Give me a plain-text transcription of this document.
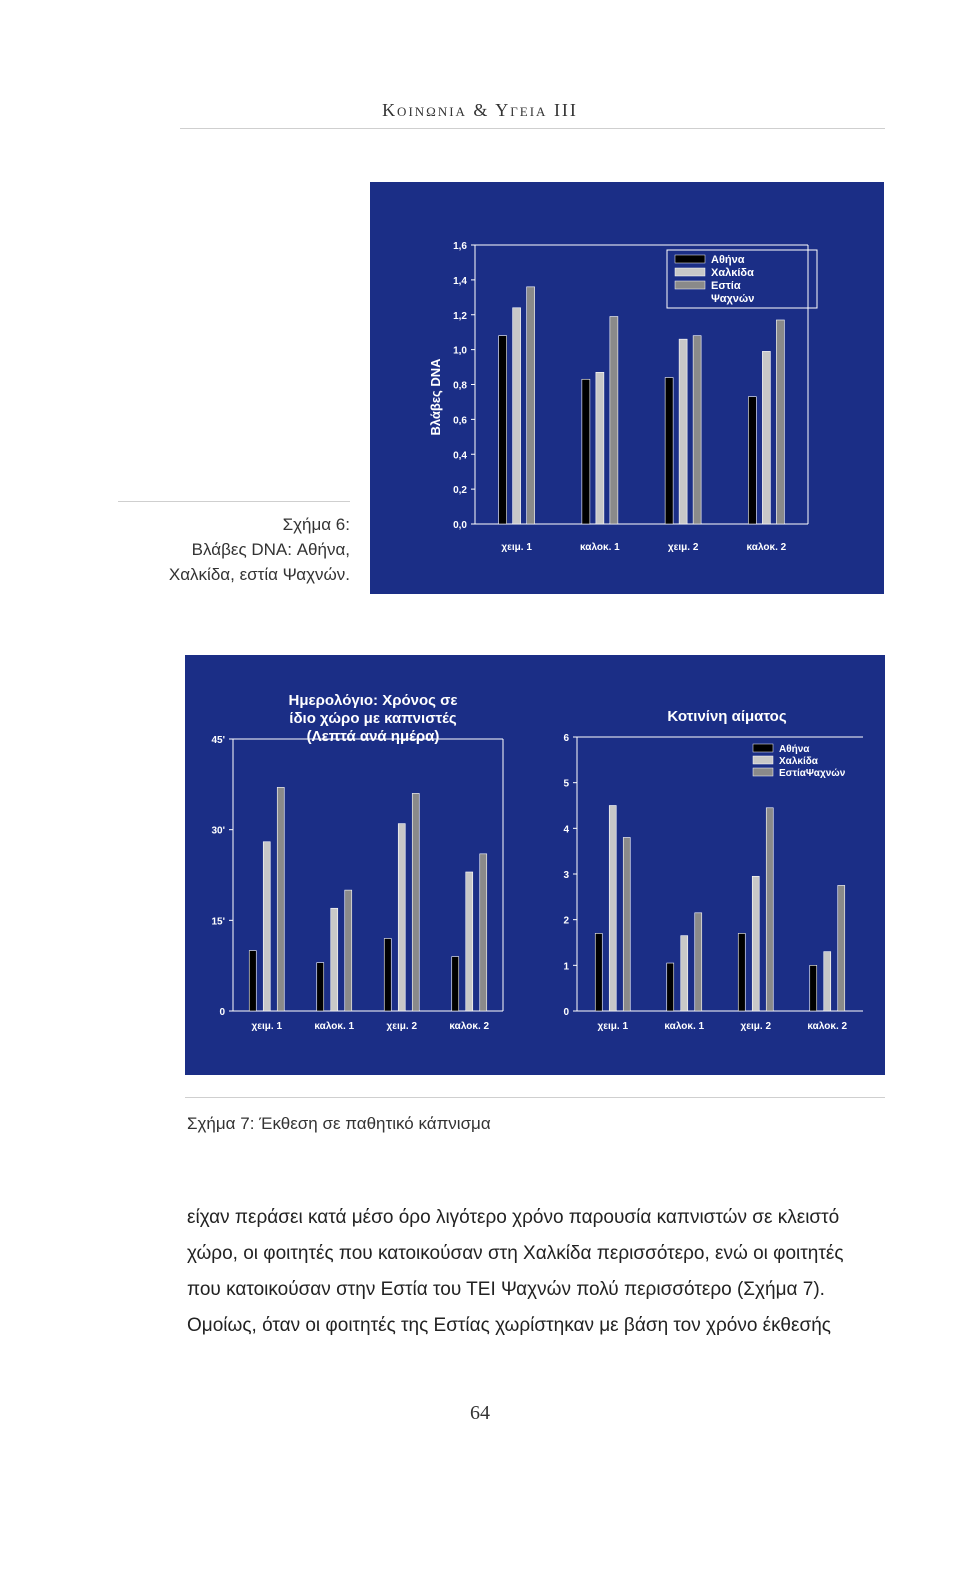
Κοινωνια & Υγεια III
0,0
0,2
0,4
0,6
0,8
1,0
1,2
1,4
1,6
χειμ. 1	καλοκ. 1	χειμ. 2	καλοκ. 2
Βλάβες DNA
Αθήνα
Χαλκίδα
Εστία
Ψαχνών
Σχήμα 6:
Βλάβες DNA: Αθήνα,
Χαλκίδα, εστία Ψαχνών.
0
15'
30'
45'
χειμ. 1	καλοκ. 1	χειμ. 2	καλοκ. 2
Ημερολόγιο: Χρόνος σε
ίδιο χώρο με καπνιστές
(Λεπτά ανά ημέρα)
0
1
2
3
4
5
6
χειμ. 1	καλοκ. 1	χειμ. 2	καλοκ. 2
Κοτινίνη αίματος
Αθήνα
Χαλκίδα
ΕστίαΨαχνών
Σχήμα 7: Έκθεση σε παθητικό κάπνισμα
είχαν περάσει κατά μέσο όρο λιγότερο χρόνο παρουσία καπνιστών σε κλειστό
χώρο, οι φοιτητές που κατοικούσαν στη Χαλκίδα περισσότερο, ενώ οι φοιτητές
που κατοικούσαν στην Εστία του ΤΕΙ Ψαχνών πολύ περισσότερο (Σχήμα 7).
Ομοίως, όταν οι φοιτητές της Εστίας χωρίστηκαν με βάση τον χρόνο έκθεσής
64
